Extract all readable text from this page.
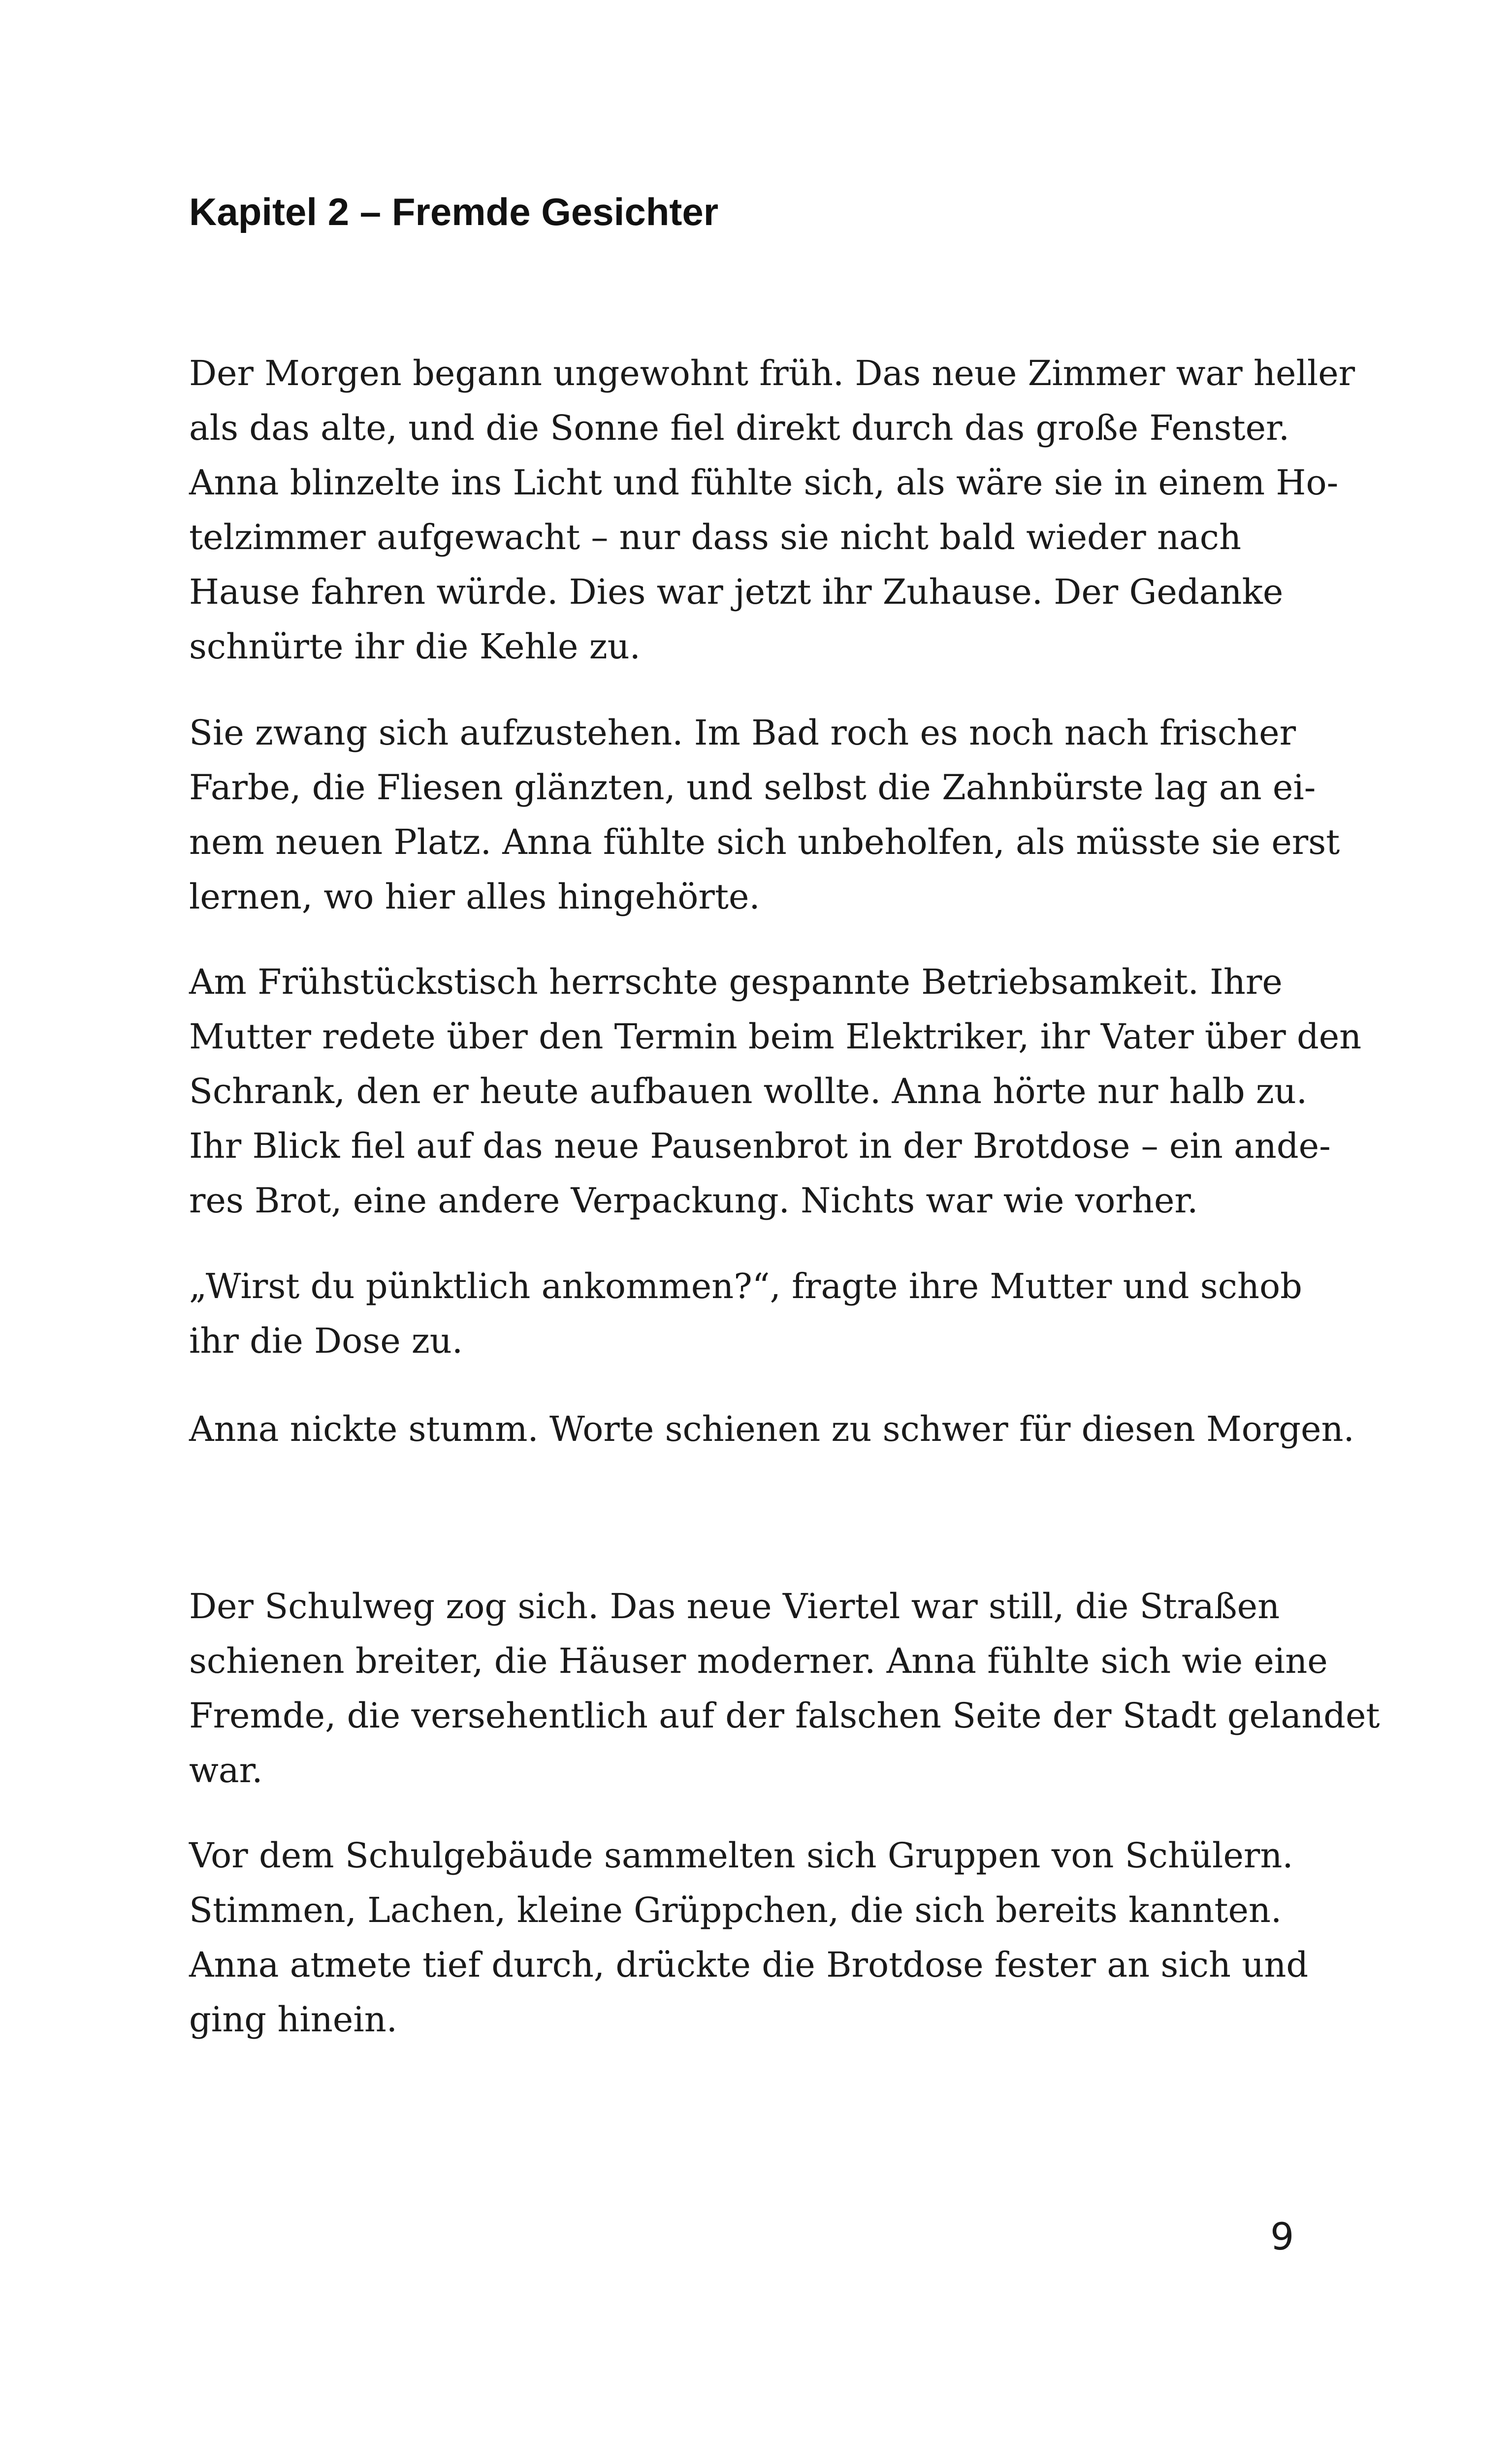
Kapitel 2 – Fremde Gesichter

Der Morgen begann ungewohnt früh. Das neue Zimmer war heller
als das alte, und die Sonne fiel direkt durch das große Fenster.
Anna blinzelte ins Licht und fühlte sich, als wäre sie in einem Ho-
telzimmer aufgewacht – nur dass sie nicht bald wieder nach
Hause fahren würde. Dies war jetzt ihr Zuhause. Der Gedanke
schnürte ihr die Kehle zu.

Sie zwang sich aufzustehen. Im Bad roch es noch nach frischer
Farbe, die Fliesen glänzten, und selbst die Zahnbürste lag an ei-
nem neuen Platz. Anna fühlte sich unbeholfen, als müsste sie erst
lernen, wo hier alles hingehörte.

Am Frühstückstisch herrschte gespannte Betriebsamkeit. Ihre
Mutter redete über den Termin beim Elektriker, ihr Vater über den
Schrank, den er heute aufbauen wollte. Anna hörte nur halb zu.
Ihr Blick fiel auf das neue Pausenbrot in der Brotdose – ein ande-
res Brot, eine andere Verpackung. Nichts war wie vorher.

„Wirst du pünktlich ankommen?“, fragte ihre Mutter und schob
ihr die Dose zu.

Anna nickte stumm. Worte schienen zu schwer für diesen Morgen.

Der Schulweg zog sich. Das neue Viertel war still, die Straßen
schienen breiter, die Häuser moderner. Anna fühlte sich wie eine
Fremde, die versehentlich auf der falschen Seite der Stadt gelandet
war.

Vor dem Schulgebäude sammelten sich Gruppen von Schülern.
Stimmen, Lachen, kleine Grüppchen, die sich bereits kannten.
Anna atmete tief durch, drückte die Brotdose fester an sich und
ging hinein.

9
